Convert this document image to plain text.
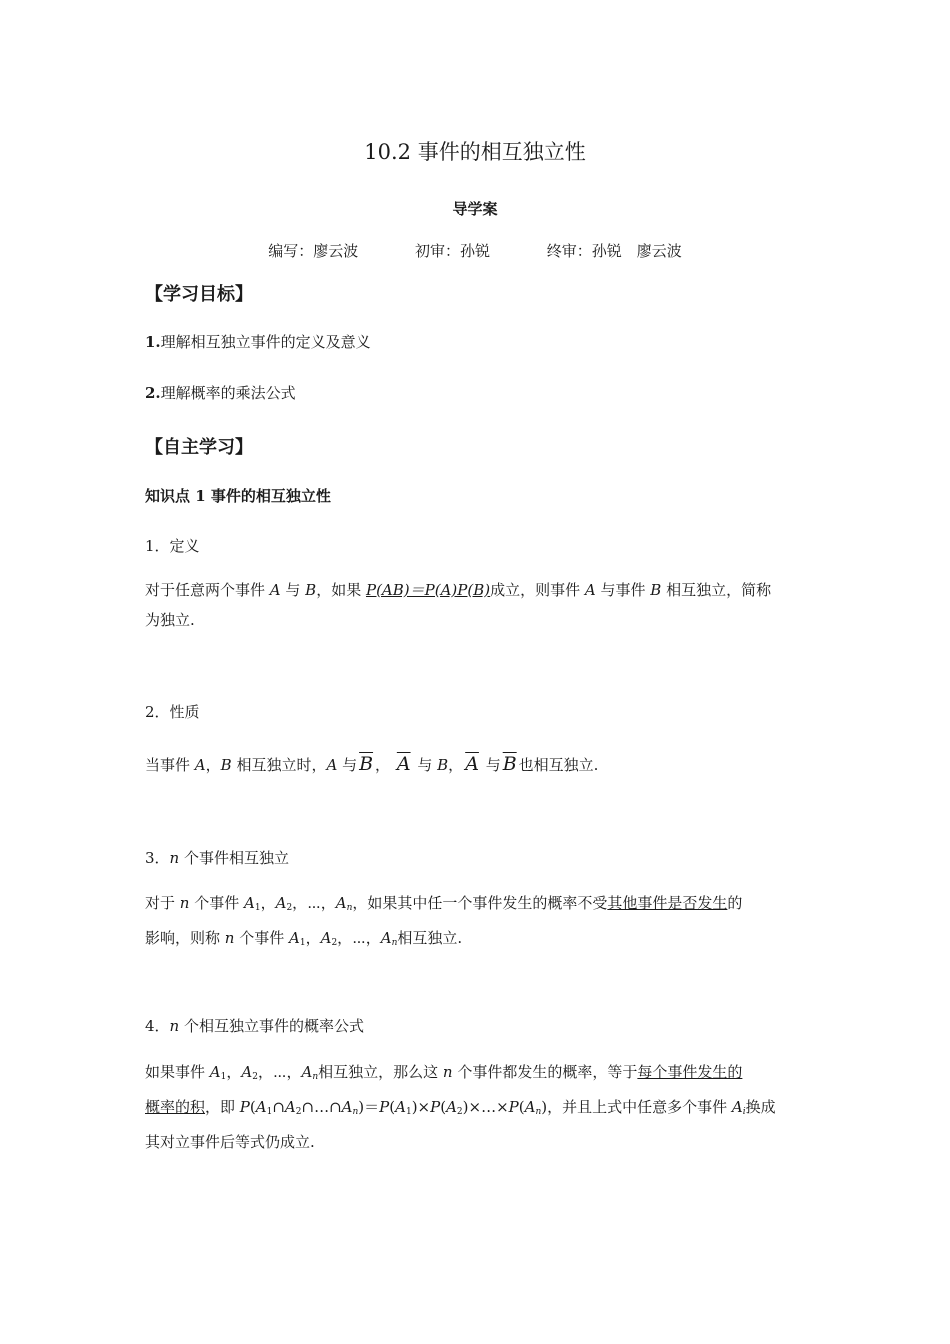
10.2 事件的相互独立性
导学案
编写：廖云波	初审：孙锐	终审：孙锐　廖云波
【学习目标】
1.理解相互独立事件的定义及意义
2.理解概率的乘法公式
【自主学习】
知识点 1 事件的相互独立性
1．定义
对于任意两个事件 A 与 B，如果 P(AB)＝P(A)P(B)成立，则事件 A 与事件 B 相互独立，简称
为独立.
2．性质
当事件 A，B 相互独立时，A 与 $\overline{B}$ ， $\overline{A}$ 与 B， $\overline{A}$ 与 $\overline{B}$ 也相互独立.
3．n 个事件相互独立
对于 n 个事件 $A_1$，$A_2$，⋯，$A_n$，如果其中任一个事件发生的概率不受其他事件是否发生的
影响，则称 n 个事件 $A_1$，$A_2$，⋯，$A_n$相互独立.
4．n 个相互独立事件的概率公式
如果事件 $A_1$，$A_2$，⋯，$A_n$相互独立，那么这 n 个事件都发生的概率，等于每个事件发生的
概率的积，即 $P(A_1\cap A_2\cap\dots\cap A_n)=P(A_1)\times P(A_2)\times\dots\times P(A_n)$，并且上式中任意多个事件 $A_i$换成
其对立事件后等式仍成立.
